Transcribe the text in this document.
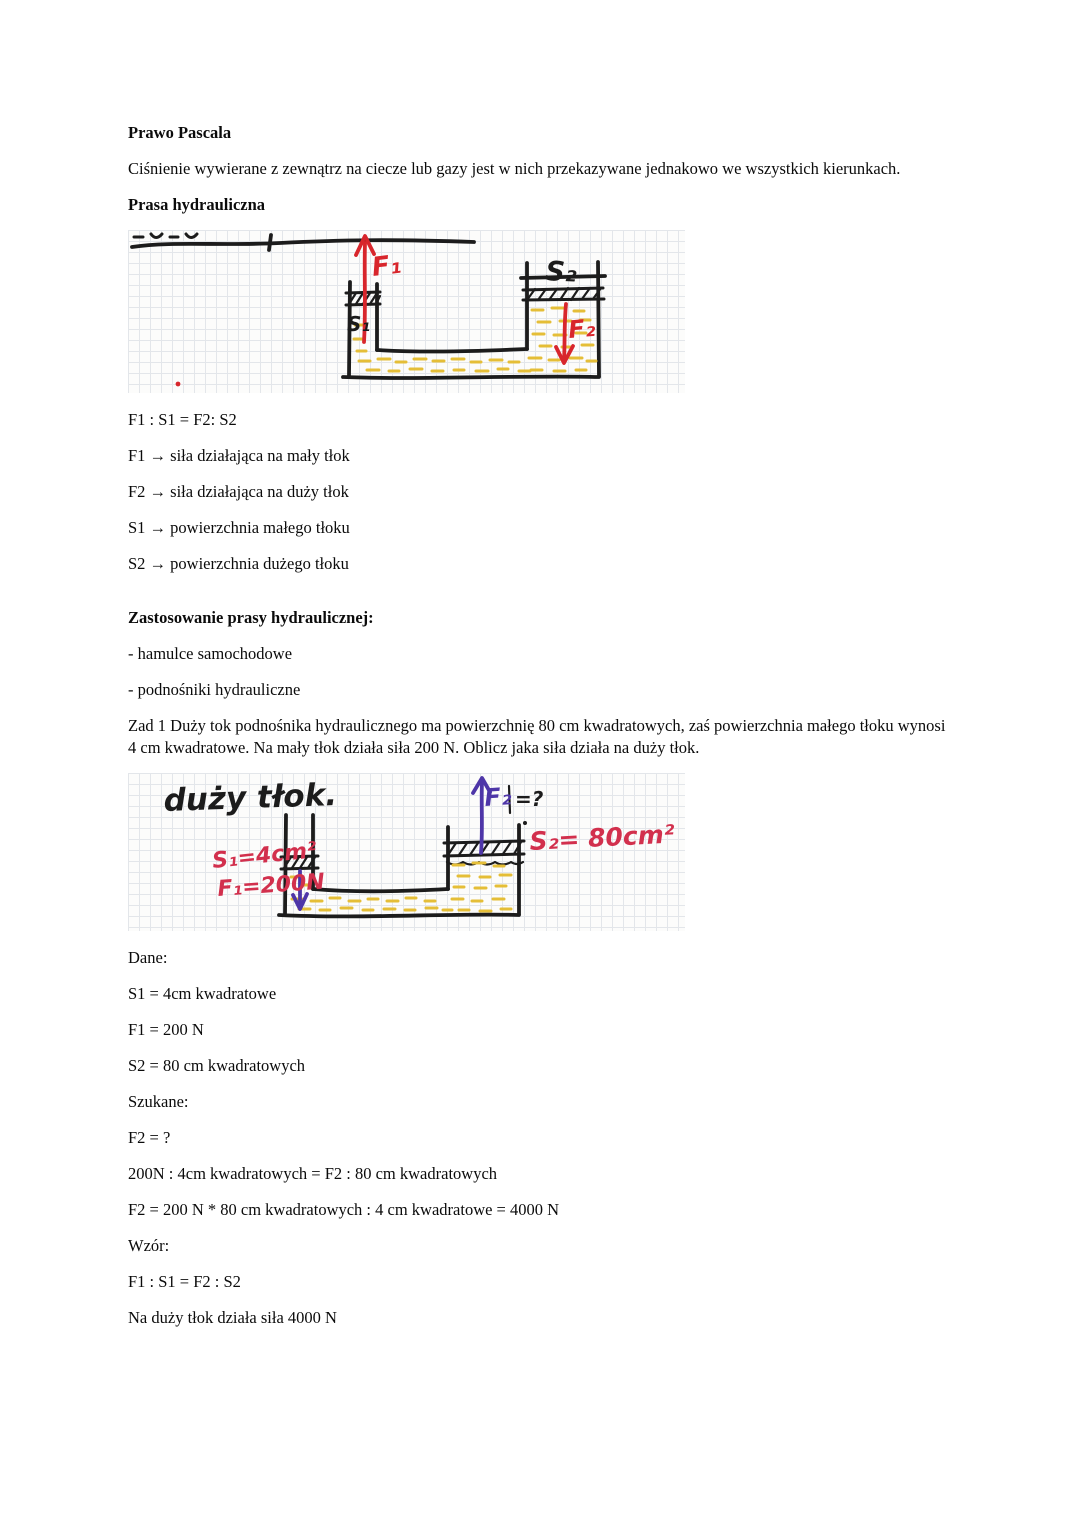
Prawo Pascala

Ciśnienie wywierane z zewnątrz na ciecze lub gazy jest w nich przekazywane jednakowo we wszystkich kierunkach.

Prasa hydrauliczna

F₁
S₁
S₂
F₂

F1 : S1 = F2: S2

F1 → siła działająca na mały tłok

F2 → siła działająca na duży tłok

S1 → powierzchnia małego tłoku

S2 → powierzchnia dużego tłoku

Zastosowanie prasy hydraulicznej:

- hamulce samochodowe

- podnośniki hydrauliczne

Zad 1 Duży tok podnośnika hydraulicznego ma powierzchnię 80 cm kwadratowych, zaś powierzchnia małego tłoku wynosi 4 cm kwadratowe. Na mały tłok działa siła 200 N. Oblicz jaka siła działa na duży tłok.

duży tłok.	F₂ =?
S₂= 80cm²
S₁=4cm²
F₁=200N

Dane:

S1 = 4cm kwadratowe

F1 = 200 N

S2 = 80 cm kwadratowych

Szukane:

F2 = ?

200N : 4cm kwadratowych = F2 : 80 cm kwadratowych

F2 = 200 N * 80 cm kwadratowych : 4 cm kwadratowe = 4000 N

Wzór:

F1 : S1 = F2 : S2

Na duży tłok działa siła 4000 N
